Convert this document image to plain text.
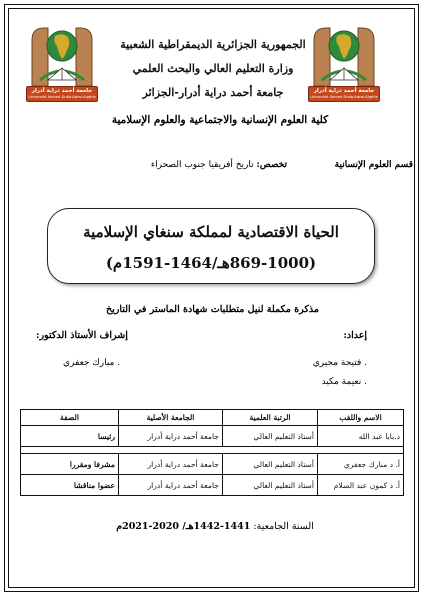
جامعة أحمد دراية أدرار
Université Ahmed Draïa-Adrar-Algérie
جامعة أحمد دراية أدرار
Université Ahmed Draïa-Adrar-Algérie
الجمهورية الجزائرية الديمقراطية الشعبية
وزارة التعليم العالي والبحث العلمي
جامعة أحمد دراية أدرار-الجزائر
كلية العلوم الإنسانية والاجتماعية والعلوم الإسلامية
قسم العلوم الإنسانية
تخصص: تاريخ أفريقيا جنوب الصحراء
الحياة الاقتصادية لمملكة سنغاي الإسلامية
(869-1000هـ/1464-1591م)
مذكرة مكملة لنيل متطلبات شهادة الماستر في التاريخ
إعداد:
. فتيحة مجبري
. نعيمة مكيد
إشراف الأستاذ الدكتور:
. مبارك جعفري
الاسم واللقب	الرتبة العلمية	الجامعة الأصلية	الصفة
د.بابا عبد الله	أستاذ التعليم العالي	جامعة أحمد دراية أدرار	رئيسا

أ. د مبارك جعفري	أستاذ التعليم العالي	جامعة أحمد دراية أدرار	مشرفا ومقررا
أ. د كمون عبد السلام	أستاذ التعليم العالي	جامعة أحمد دراية أدرار	عضوا مناقشا
السنة الجامعية: 1441-1442هـ/ 2020-2021م
